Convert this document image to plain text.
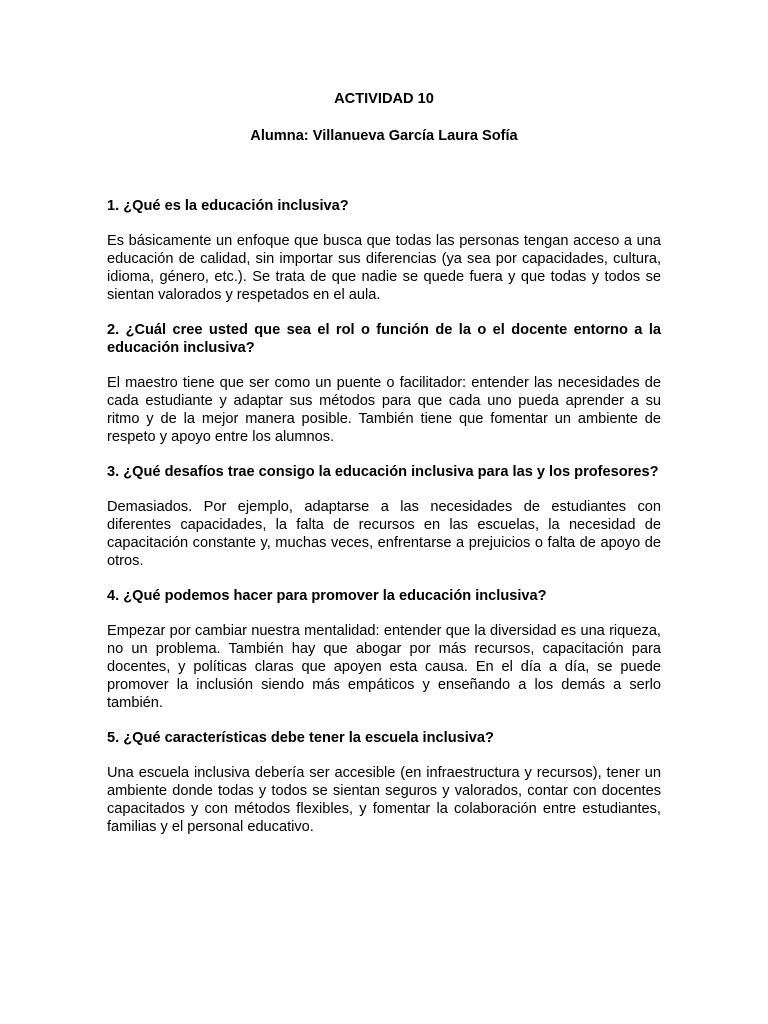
ACTIVIDAD 10

Alumna: Villanueva García Laura Sofía

1. ¿Qué es la educación inclusiva?

Es básicamente un enfoque que busca que todas las personas tengan acceso a una educación de calidad, sin importar sus diferencias (ya sea por capacidades, cultura, idioma, género, etc.). Se trata de que nadie se quede fuera y que todas y todos se sientan valorados y respetados en el aula.

2. ¿Cuál cree usted que sea el rol o función de la o el docente entorno a la educación inclusiva?

El maestro tiene que ser como un puente o facilitador: entender las necesidades de cada estudiante y adaptar sus métodos para que cada uno pueda aprender a su ritmo y de la mejor manera posible. También tiene que fomentar un ambiente de respeto y apoyo entre los alumnos.

3. ¿Qué desafíos trae consigo la educación inclusiva para las y los profesores?

Demasiados. Por ejemplo, adaptarse a las necesidades de estudiantes con diferentes capacidades, la falta de recursos en las escuelas, la necesidad de capacitación constante y, muchas veces, enfrentarse a prejuicios o falta de apoyo de otros.

4. ¿Qué podemos hacer para promover la educación inclusiva?

Empezar por cambiar nuestra mentalidad: entender que la diversidad es una riqueza, no un problema. También hay que abogar por más recursos, capacitación para docentes, y políticas claras que apoyen esta causa. En el día a día, se puede promover la inclusión siendo más empáticos y enseñando a los demás a serlo también.

5. ¿Qué características debe tener la escuela inclusiva?

Una escuela inclusiva debería ser accesible (en infraestructura y recursos), tener un ambiente donde todas y todos se sientan seguros y valorados, contar con docentes capacitados y con métodos flexibles, y fomentar la colaboración entre estudiantes, familias y el personal educativo.
